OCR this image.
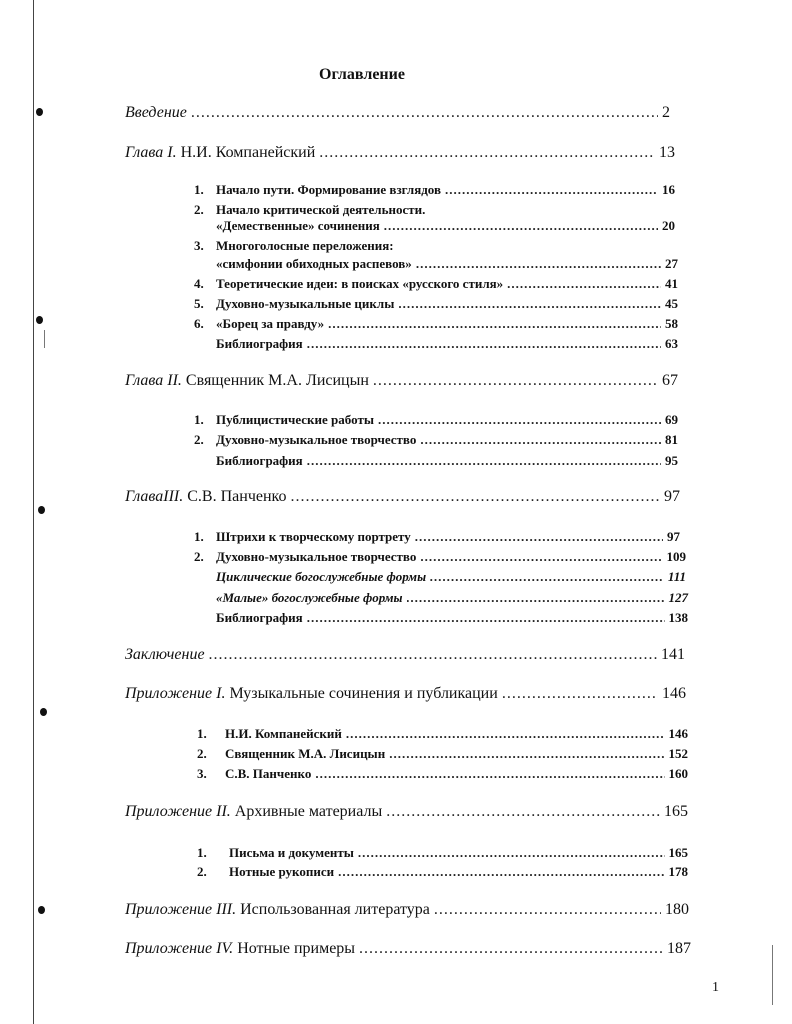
Оглавление
Введение .....	2
Глава I. Н.И. Компанейский .....	13
1. Начало пути. Формирование взглядов .....	16
2. Начало критической деятельности.
«Демественные» сочинения .....	20
3. Многоголосные переложения:
«симфонии обиходных распевов» .....	27
4. Теоретические идеи: в поисках «русского стиля» .....	41
5. Духовно-музыкальные циклы .....	45
6. «Борец за правду» .....	58
Библиография .....	63
Глава II. Священник М.А. Лисицын .....	67
1. Публицистические работы .....	69
2. Духовно-музыкальное творчество .....	81
Библиография .....	95
ГлаваIII. С.В. Панченко .....	97
1. Штрихи к творческому портрету .....	97
2. Духовно-музыкальное творчество .....	109
Циклические богослужебные формы .....	111
«Малые» богослужебные формы .....	127
Библиография .....	138
Заключение .....	141
Приложение I. Музыкальные сочинения и публикации .....	146
1. Н.И. Компанейский .....	146
2. Священник М.А. Лисицын .....	152
3. С.В. Панченко .....	160
Приложение II. Архивные материалы .....	165
1. Письма и документы .....	165
2. Нотные рукописи .....	178
Приложение III. Использованная литература .....	180
Приложение IV. Нотные примеры .....	187
1
